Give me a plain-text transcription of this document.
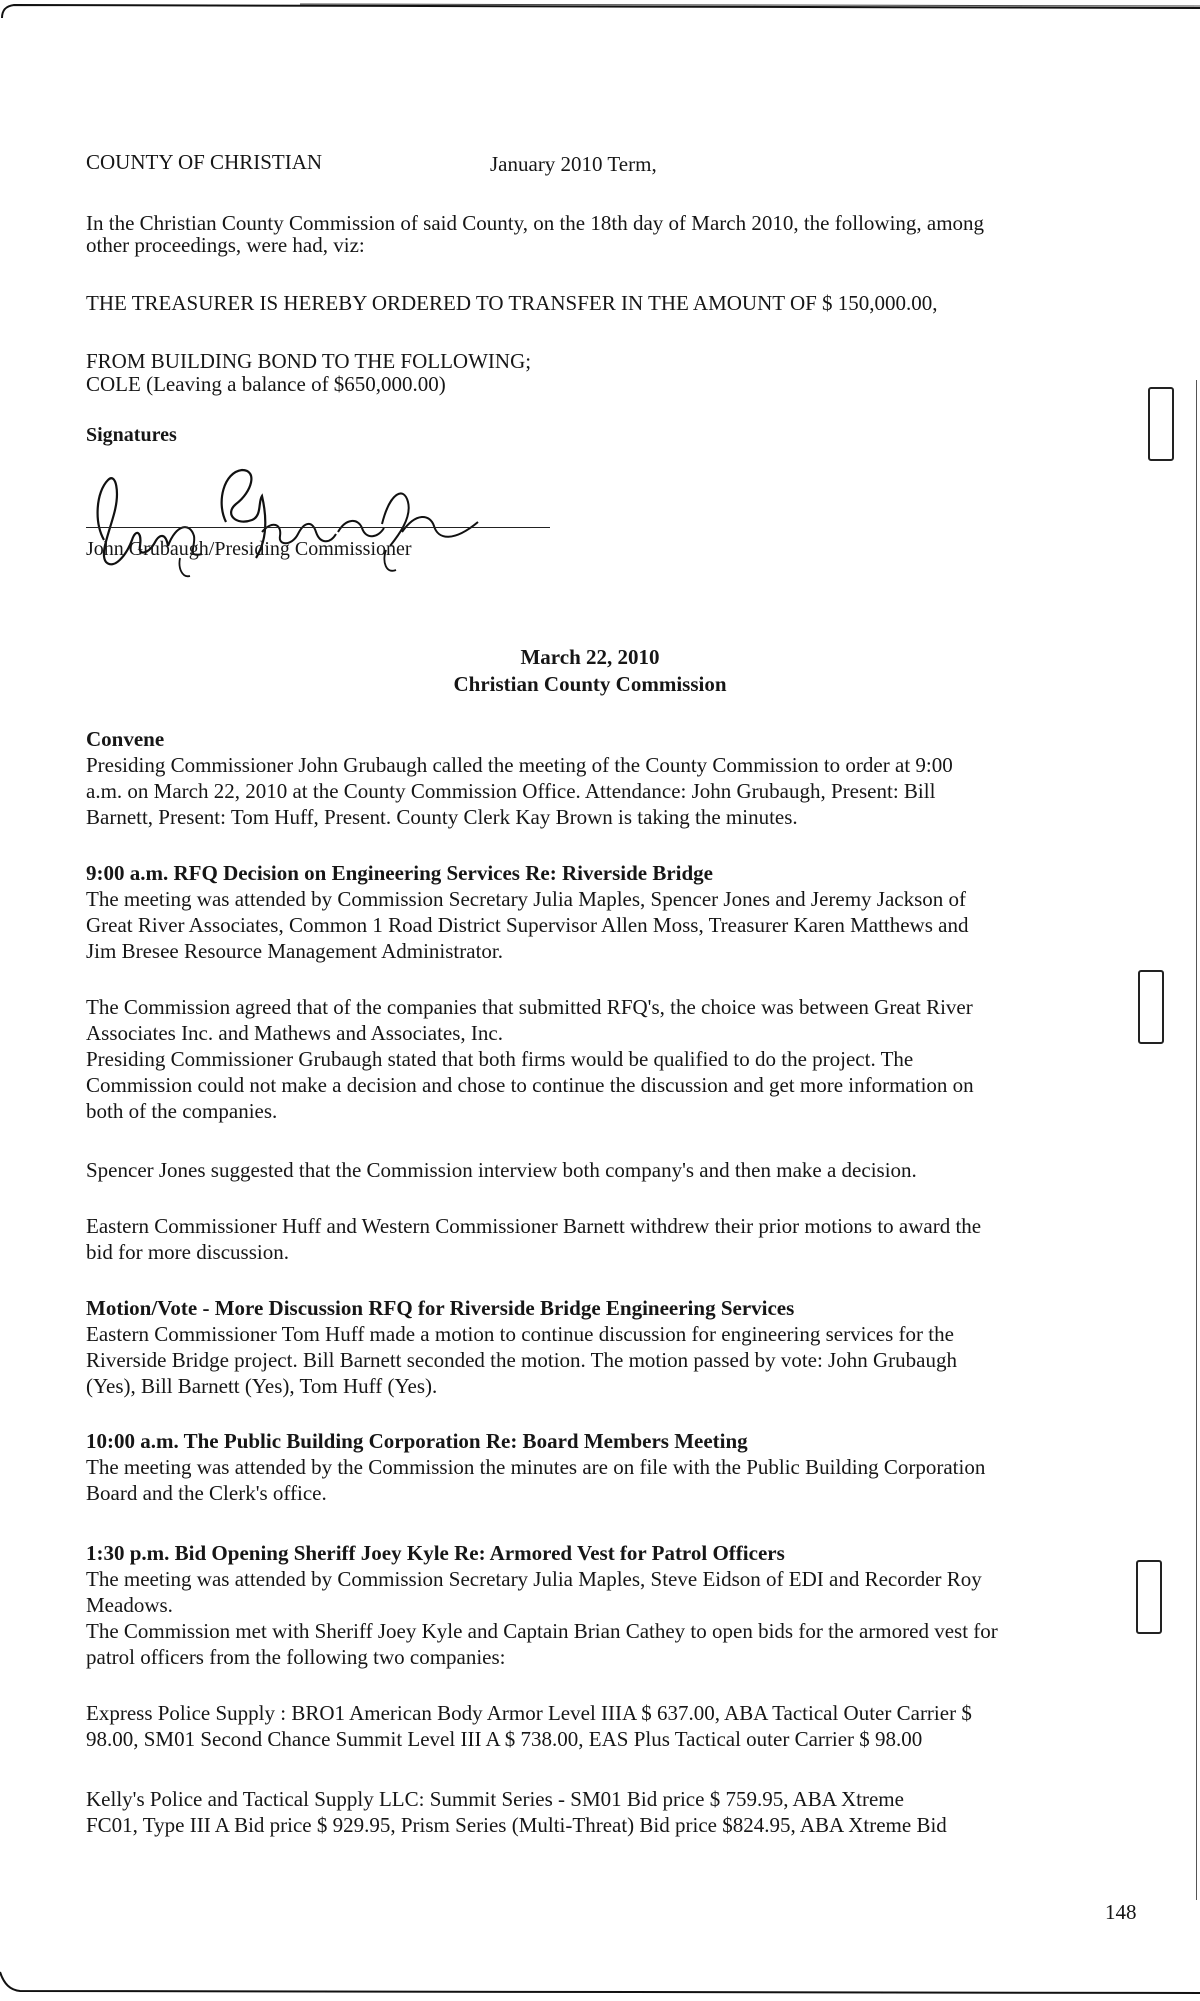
COUNTY OF CHRISTIAN	January 2010 Term,
In the Christian County Commission of said County, on the 18th day of March 2010, the following, among
other proceedings, were had, viz:
THE TREASURER IS HEREBY ORDERED TO TRANSFER IN THE AMOUNT OF $ 150,000.00,
FROM BUILDING BOND TO THE FOLLOWING;
COLE (Leaving a balance of $650,000.00)
Signatures
John Grubaugh/Presiding Commissioner
March 22, 2010
Christian County Commission
Convene
Presiding Commissioner John Grubaugh called the meeting of the County Commission to order at 9:00
a.m. on March 22, 2010 at the County Commission Office. Attendance: John Grubaugh, Present: Bill
Barnett, Present: Tom Huff, Present. County Clerk Kay Brown is taking the minutes.
9:00 a.m. RFQ Decision on Engineering Services Re: Riverside Bridge
The meeting was attended by Commission Secretary Julia Maples, Spencer Jones and Jeremy Jackson of
Great River Associates, Common 1 Road District Supervisor Allen Moss, Treasurer Karen Matthews and
Jim Bresee Resource Management Administrator.
The Commission agreed that of the companies that submitted RFQ's, the choice was between Great River
Associates Inc. and Mathews and Associates, Inc.
Presiding Commissioner Grubaugh stated that both firms would be qualified to do the project. The
Commission could not make a decision and chose to continue the discussion and get more information on
both of the companies.
Spencer Jones suggested that the Commission interview both company's and then make a decision.
Eastern Commissioner Huff and Western Commissioner Barnett withdrew their prior motions to award the
bid for more discussion.
Motion/Vote - More Discussion RFQ for Riverside Bridge Engineering Services
Eastern Commissioner Tom Huff made a motion to continue discussion for engineering services for the
Riverside Bridge project. Bill Barnett seconded the motion. The motion passed by vote: John Grubaugh
(Yes), Bill Barnett (Yes), Tom Huff (Yes).
10:00 a.m. The Public Building Corporation Re: Board Members Meeting
The meeting was attended by the Commission the minutes are on file with the Public Building Corporation
Board and the Clerk's office.
1:30 p.m. Bid Opening Sheriff Joey Kyle Re: Armored Vest for Patrol Officers
The meeting was attended by Commission Secretary Julia Maples, Steve Eidson of EDI and Recorder Roy
Meadows.
The Commission met with Sheriff Joey Kyle and Captain Brian Cathey to open bids for the armored vest for
patrol officers from the following two companies:
Express Police Supply : BRO1 American Body Armor Level IIIA $ 637.00, ABA Tactical Outer Carrier $
98.00, SM01 Second Chance Summit Level III A $ 738.00, EAS Plus Tactical outer Carrier $ 98.00
Kelly's Police and Tactical Supply LLC: Summit Series - SM01 Bid price $ 759.95, ABA Xtreme
FC01, Type III A Bid price $ 929.95, Prism Series (Multi-Threat) Bid price $824.95, ABA Xtreme Bid
148
